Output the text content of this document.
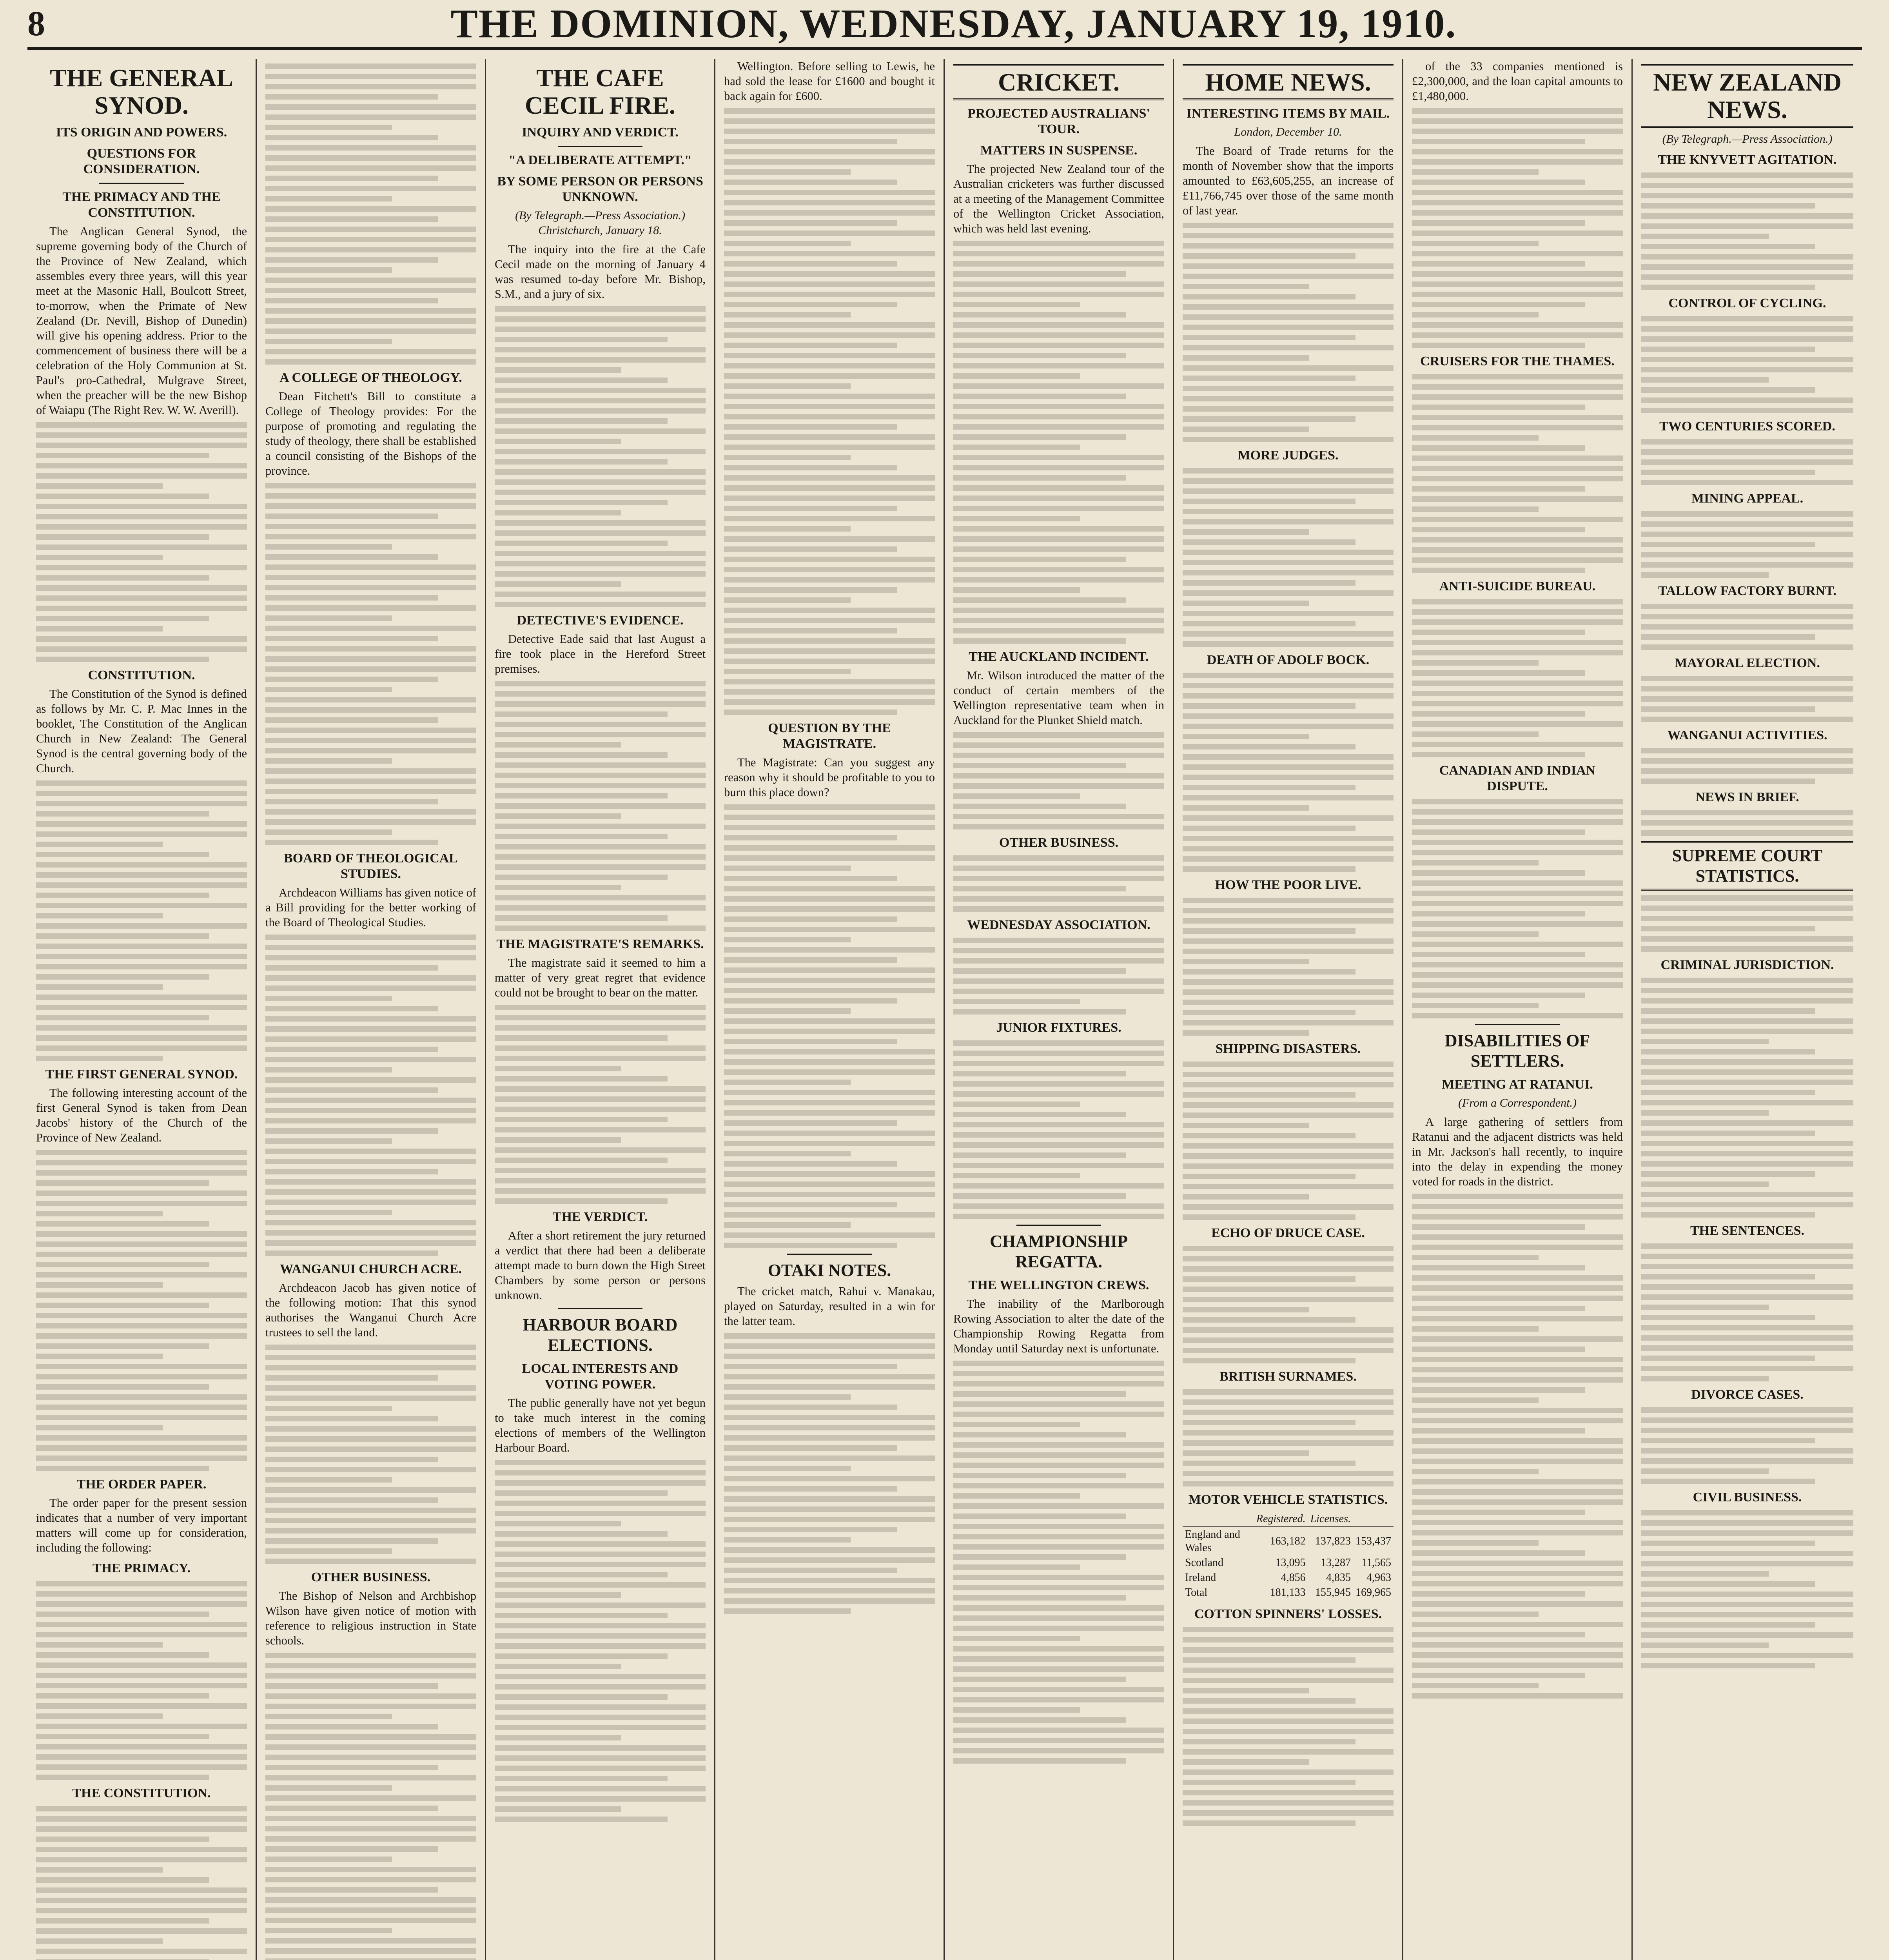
8	THE DOMINION, WEDNESDAY, JANUARY 19, 1910.
THE GENERAL SYNOD.
ITS ORIGIN AND POWERS.
QUESTIONS FOR CONSIDERATION.
THE PRIMACY AND THE CONSTITUTION.

The Anglican General Synod, the supreme governing body of the Church of the Province of New Zealand, which assembles every three years, will this year meet at the Masonic Hall, Boulcott Street, to-morrow, when the Primate of New Zealand (Dr. Nevill, Bishop of Dunedin) will give his opening address. Prior to the commencement of business there will be a celebration of the Holy Communion at St. Paul's pro-Cathedral, Mulgrave Street, when the preacher will be the new Bishop of Waiapu (The Right Rev. W. W. Averill).

CONSTITUTION.

The Constitution of the Synod is defined as follows by Mr. C. P. Mac Innes in the booklet, The Constitution of the Anglican Church in New Zealand: The General Synod is the central governing body of the Church.

THE FIRST GENERAL SYNOD.

The following interesting account of the first General Synod is taken from Dean Jacobs' history of the Church of the Province of New Zealand.

THE ORDER PAPER.

The order paper for the present session indicates that a number of very important matters will come up for consideration, including the following:

THE PRIMACY.
THE CONSTITUTION.
A COLLEGE OF THEOLOGY.

Dean Fitchett's Bill to constitute a College of Theology provides: For the purpose of promoting and regulating the study of theology, there shall be established a council consisting of the Bishops of the province.

BOARD OF THEOLOGICAL STUDIES.

Archdeacon Williams has given notice of a Bill providing for the better working of the Board of Theological Studies.

WANGANUI CHURCH ACRE.

Archdeacon Jacob has given notice of the following motion: That this synod authorises the Wanganui Church Acre trustees to sell the land.

OTHER BUSINESS.

The Bishop of Nelson and Archbishop Wilson have given notice of motion with reference to religious instruction in State schools.

THE CAFE CECIL FIRE.
INQUIRY AND VERDICT.
"A DELIBERATE ATTEMPT."
BY SOME PERSON OR PERSONS UNKNOWN.
(By Telegraph.—Press Association.) Christchurch, January 18.

The inquiry into the fire at the Cafe Cecil made on the morning of January 4 was resumed to-day before Mr. Bishop, S.M., and a jury of six.

DETECTIVE'S EVIDENCE.

Detective Eade said that last August a fire took place in the Hereford Street premises.

THE MAGISTRATE'S REMARKS.

The magistrate said it seemed to him a matter of very great regret that evidence could not be brought to bear on the matter.

THE VERDICT.

After a short retirement the jury returned a verdict that there had been a deliberate attempt made to burn down the High Street Chambers by some person or persons unknown.

HARBOUR BOARD ELECTIONS.
LOCAL INTERESTS AND VOTING POWER.

The public generally have not yet begun to take much interest in the coming elections of members of the Wellington Harbour Board.

Wellington. Before selling to Lewis, he had sold the lease for £1600 and bought it back again for £600.

QUESTION BY THE MAGISTRATE.

The Magistrate: Can you suggest any reason why it should be profitable to you to burn this place down?

OTAKI NOTES.

The cricket match, Rahui v. Manakau, played on Saturday, resulted in a win for the latter team.

CRICKET.
PROJECTED AUSTRALIANS' TOUR.
MATTERS IN SUSPENSE.

The projected New Zealand tour of the Australian cricketers was further discussed at a meeting of the Management Committee of the Wellington Cricket Association, which was held last evening.

THE AUCKLAND INCIDENT.

Mr. Wilson introduced the matter of the conduct of certain members of the Wellington representative team when in Auckland for the Plunket Shield match.

OTHER BUSINESS.
WEDNESDAY ASSOCIATION.
JUNIOR FIXTURES.
CHAMPIONSHIP REGATTA.
THE WELLINGTON CREWS.

The inability of the Marlborough Rowing Association to alter the date of the Championship Rowing Regatta from Monday until Saturday next is unfortunate.

HOME NEWS.
INTERESTING ITEMS BY MAIL.
London, December 10.

The Board of Trade returns for the month of November show that the imports amounted to £63,605,255, an increase of £11,766,745 over those of the same month of last year.

MORE JUDGES.
DEATH OF ADOLF BOCK.
HOW THE POOR LIVE.
SHIPPING DISASTERS.
ECHO OF DRUCE CASE.
BRITISH SURNAMES.
MOTOR VEHICLE STATISTICS.
	Registered.	Licenses.	
England and Wales	163,182	137,823	153,437
Scotland	13,095	13,287	11,565
Ireland	4,856	4,835	4,963
Total	181,133	155,945	169,965
COTTON SPINNERS' LOSSES.

of the 33 companies mentioned is £2,300,000, and the loan capital amounts to £1,480,000.

CRUISERS FOR THE THAMES.
ANTI-SUICIDE BUREAU.
CANADIAN AND INDIAN DISPUTE.
DISABILITIES OF SETTLERS.
MEETING AT RATANUI.
(From a Correspondent.)

A large gathering of settlers from Ratanui and the adjacent districts was held in Mr. Jackson's hall recently, to inquire into the delay in expending the money voted for roads in the district.

NEW ZEALAND NEWS.
(By Telegraph.—Press Association.)
THE KNYVETT AGITATION.
CONTROL OF CYCLING.
TWO CENTURIES SCORED.
MINING APPEAL.
TALLOW FACTORY BURNT.
MAYORAL ELECTION.
WANGANUI ACTIVITIES.
NEWS IN BRIEF.
SUPREME COURT STATISTICS.
CRIMINAL JURISDICTION.
THE SENTENCES.
DIVORCE CASES.
CIVIL BUSINESS.
